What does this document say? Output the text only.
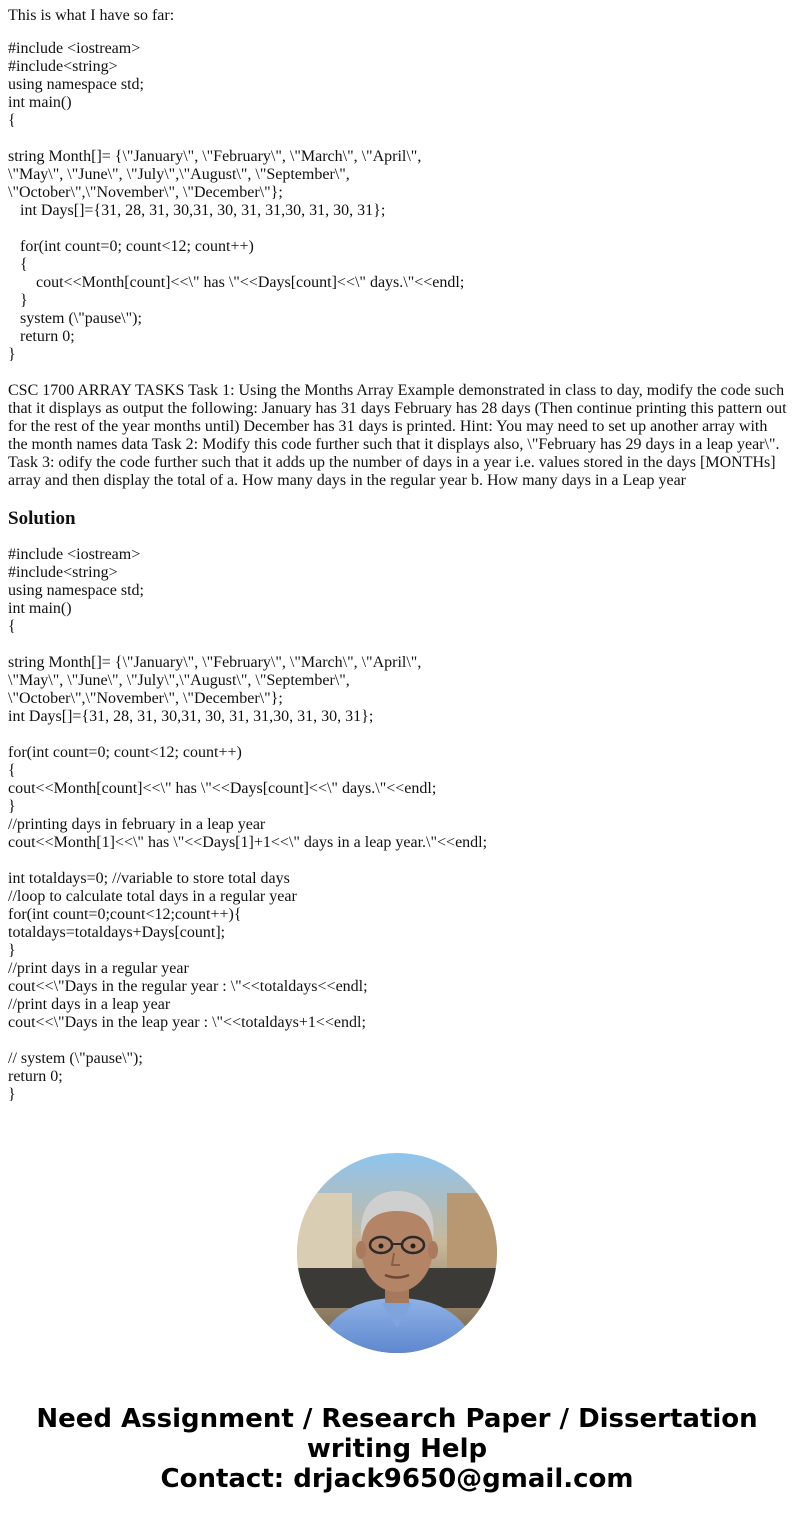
This is what I have so far:

#include <iostream>
#include<string>
using namespace std;
int main()
{

string Month[]= {\"January\", \"February\", \"March\", \"April\",
\"May\", \"June\", \"July\",\"August\", \"September\",
\"October\",\"November\", \"December\"};
int Days[]={31, 28, 31, 30,31, 30, 31, 31,30, 31, 30, 31};

for(int count=0; count<12; count++)
{
cout<<Month[count]<<\" has \"<<Days[count]<<\" days.\"<<endl;
}
system (\"pause\");
return 0;
}

CSC 1700 ARRAY TASKS Task 1: Using the Months Array Example demonstrated in class to day, modify the code such that it displays as output the following: January has 31 days February has 28 days (Then continue printing this pattern out for the rest of the year months until) December has 31 days is printed. Hint: You may need to set up another array with the month names data Task 2: Modify this code further such that it displays also, \"February has 29 days in a leap year\". Task 3: odify the code further such that it adds up the number of days in a year i.e. values stored in the days [MONTHs] array and then display the total of a. How many days in the regular year b. How many days in a Leap year

Solution
#include <iostream>
#include<string>
using namespace std;
int main()
{

string Month[]= {\"January\", \"February\", \"March\", \"April\",
\"May\", \"June\", \"July\",\"August\", \"September\",
\"October\",\"November\", \"December\"};
int Days[]={31, 28, 31, 30,31, 30, 31, 31,30, 31, 30, 31};

for(int count=0; count<12; count++)
{
cout<<Month[count]<<\" has \"<<Days[count]<<\" days.\"<<endl;
}
//printing days in february in a leap year
cout<<Month[1]<<\" has \"<<Days[1]+1<<\" days in a leap year.\"<<endl;

int totaldays=0; //variable to store total days
//loop to calculate total days in a regular year
for(int count=0;count<12;count++){
totaldays=totaldays+Days[count];
}
//print days in a regular year
cout<<\"Days in the regular year : \"<<totaldays<<endl;
//print days in a leap year
cout<<\"Days in the leap year : \"<<totaldays+1<<endl;

// system (\"pause\");
return 0;
}
Need Assignment / Research Paper / Dissertation
writing Help
Contact: drjack9650@gmail.com
